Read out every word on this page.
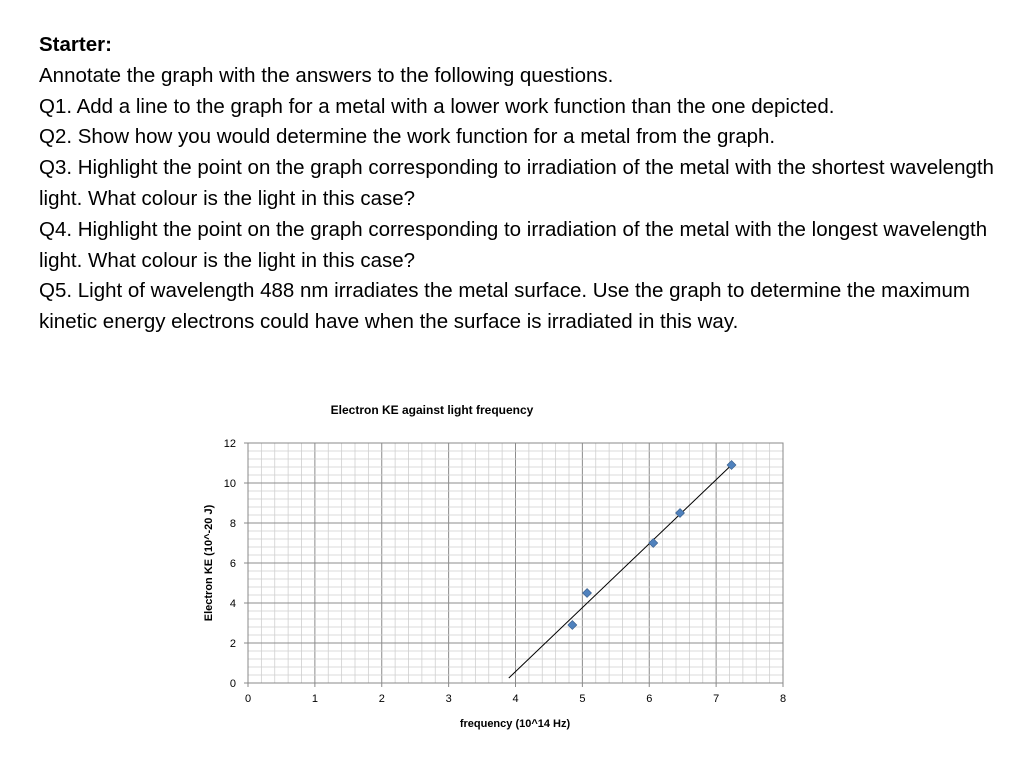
Starter:

Annotate the graph with the answers to the following questions.

Q1. Add a line to the graph for a metal with a lower work function than the one depicted.

Q2. Show how you would determine the work function for a metal from the graph.

Q3. Highlight the point on the graph corresponding to irradiation of the metal with the shortest wavelength light. What colour is the light in this case?

Q4. Highlight the point on the graph corresponding to irradiation of the metal with the longest wavelength light. What colour is the light in this case?

Q5. Light of wavelength 488 nm irradiates the metal surface. Use the graph to determine the maximum kinetic energy electrons could have when the surface is irradiated in this way.

Electron KE against light frequency
0	1	2	3	4	5	6	7	8
0
2
4
6
8
10
12
frequency (10^14 Hz)
Electron KE (10^-20 J)
